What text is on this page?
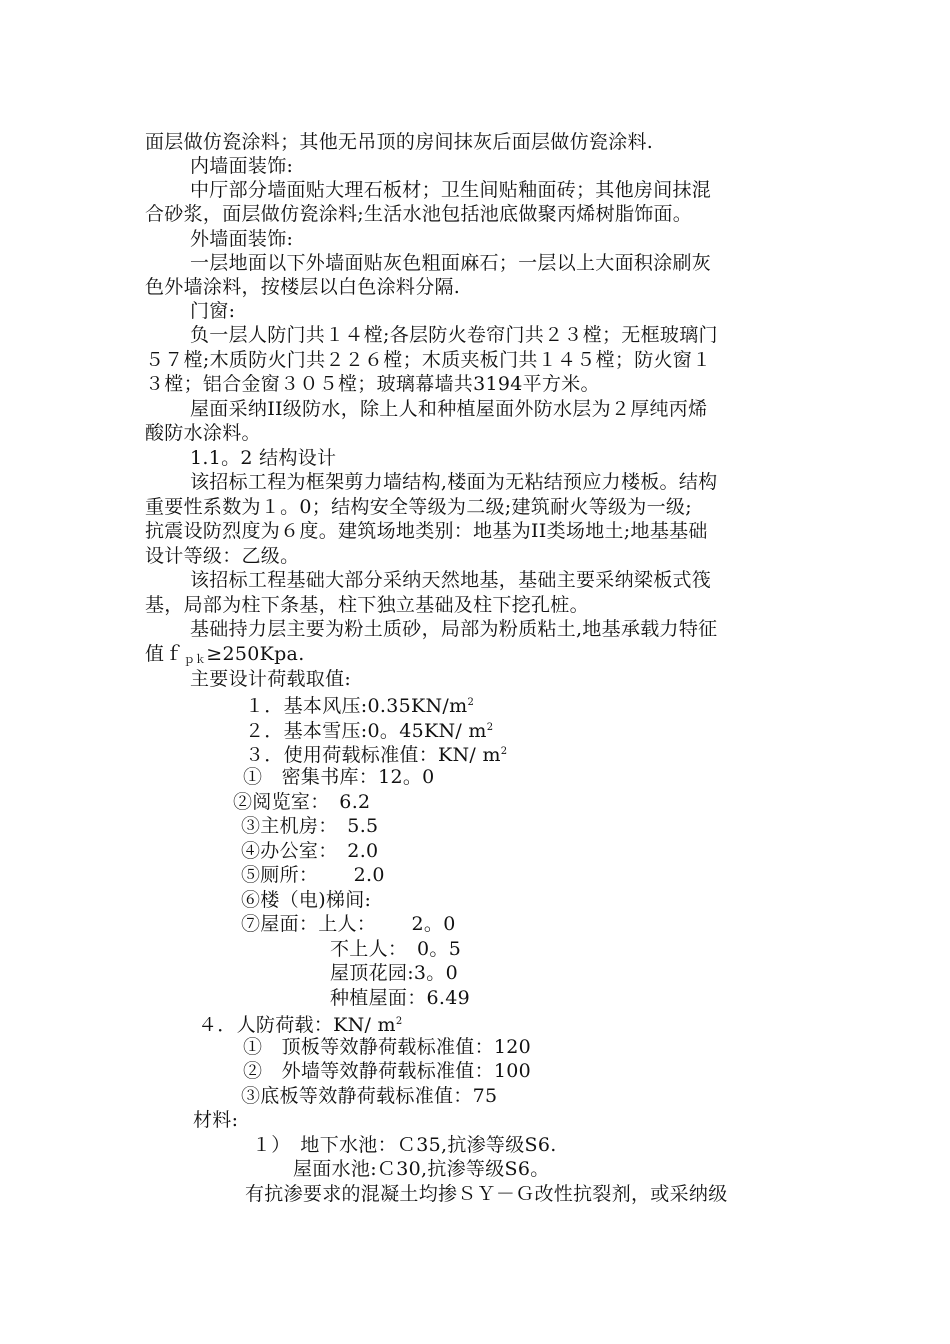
面层做仿瓷涂料；其他无吊顶的房间抹灰后面层做仿瓷涂料.
内墙面装饰:
中厅部分墙面贴大理石板材；卫生间贴釉面砖；其他房间抹混
合砂浆，面层做仿瓷涂料;生活水池包括池底做聚丙烯树脂饰面。
外墙面装饰:
一层地面以下外墙面贴灰色粗面麻石；一层以上大面积涂刷灰
色外墙涂料，按楼层以白色涂料分隔.
门窗:
负一层人防门共１４樘;各层防火卷帘门共２３樘；无框玻璃门
５７樘;木质防火门共２２６樘；木质夹板门共１４５樘；防火窗１
３樘；铝合金窗３０５樘；玻璃幕墙共3194平方米。
屋面采纳II级防水，除上人和种植屋面外防水层为２厚纯丙烯
酸防水涂料。
1.1。2 结构设计
该招标工程为框架剪力墙结构,楼面为无粘结预应力楼板。结构
重要性系数为１。0；结构安全等级为二级;建筑耐火等级为一级;
抗震设防烈度为６度。建筑场地类别：地基为II类场地土;地基基础
设计等级：乙级。
该招标工程基础大部分采纳天然地基，基础主要采纳梁板式筏
基，局部为柱下条基，柱下独立基础及柱下挖孔桩。
基础持力层主要为粉土质砂，局部为粉质粘土,地基承载力特征
值ｆ$_{pk}$≥250Kpa.
主要设计荷载取值:
１．基本风压$:0.35KN/m^2$
２．基本雪压:0。45KN/ $m^2$
３．使用荷载标准值：KN/ $m^2$
①　密集书库：12。0
②阅览室：　6.2
③主机房：　5.5
④办公室：　2.0
⑤厕所：　　 2.0
⑥楼（电)梯间:
⑦屋面：上人：　　 2。0
不上人：　0。5
屋顶花园:3。0
种植屋面：6.49
４．人防荷载：KN/ $m^2$
①　顶板等效静荷载标准值：120
②　外墙等效静荷载标准值：100
③底板等效静荷载标准值：75
材料:
１）　地下水池：Ｃ35,抗渗等级S6.
屋面水池:Ｃ30,抗渗等级S6。
有抗渗要求的混凝土均掺ＳＹ－Ｇ改性抗裂剂，或采纳级
